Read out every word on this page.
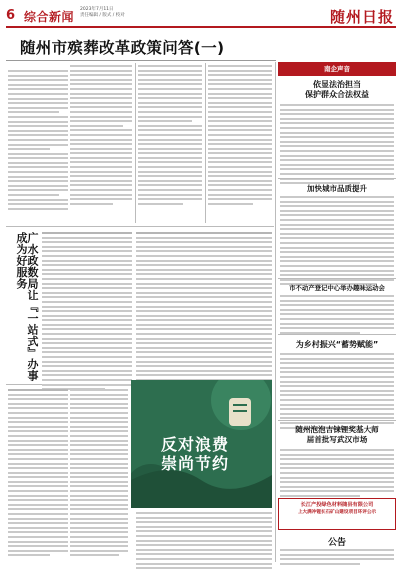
6 综合新闻
2023年7月11日
责任编辑 / 版式 / 校对	随州日报
随州市殡葬改革政策问答(一)
广水政数局让『一站式』办事成为好服务
反对浪费
崇尚节约
南企声音
依显法治担当
保护群众合法权益
加快城市品质提升
市不动产登记中心举办趣味运动会
为乡村振兴“蓄势赋能”
随州泡泡吉铼锂奖基大师
届首批写武汉市场
长江产投绿色材料随县有限公司
上大满冲锂长石矿山建设项目环评公示
公告
